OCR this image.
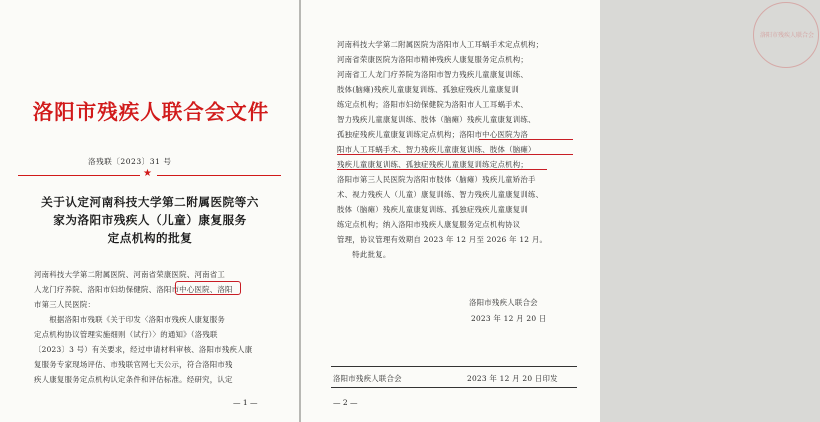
洛阳市残疾人联合会文件
洛残联〔2023〕31 号
★
关于认定河南科技大学第二附属医院等六
家为洛阳市残疾人（儿童）康复服务
定点机构的批复
河南科技大学第二附属医院、河南省荣康医院、河南省工
人龙门疗养院、洛阳市妇幼保健院、洛阳市中心医院、洛阳
市第三人民医院：
　　根据洛阳市残联《关于印发〈洛阳市残疾人康复服务
定点机构协议管理实施细则（试行）〉的通知》（洛残联
〔2023〕3 号）有关要求，经过申请材料审核、洛阳市残疾人康
复服务专家现场评估、市残联官网七天公示，符合洛阳市残
疾人康复服务定点机构认定条件和评估标准。经研究，认定
— 1 —
河南科技大学第二附属医院为洛阳市人工耳蜗手术定点机构；
河南省荣康医院为洛阳市精神残疾人康复服务定点机构；
河南省工人龙门疗养院为洛阳市智力残疾儿童康复训练、
肢体(脑瘫)残疾儿童康复训练、孤独症残疾儿童康复训
练定点机构；洛阳市妇幼保健院为洛阳市人工耳蜗手术、
智力残疾儿童康复训练、肢体（脑瘫）残疾儿童康复训练、
孤独症残疾儿童康复训练定点机构；洛阳市中心医院为洛
阳市人工耳蜗手术、智力残疾儿童康复训练、肢体（脑瘫）
残疾儿童康复训练、孤独症残疾儿童康复训练定点机构；
洛阳市第三人民医院为洛阳市肢体（脑瘫）残疾儿童矫治手
术、视力残疾人（儿童）康复训练、智力残疾儿童康复训练、
肢体（脑瘫）残疾儿童康复训练、孤独症残疾儿童康复训
练定点机构；纳入洛阳市残疾人康复服务定点机构协议
管理，协议管理有效期自 2023 年 12 月至 2026 年 12 月。
　　特此批复。
洛阳市残疾人联合会
洛阳市残疾人联合会
2023 年 12 月 20 日
洛阳市残疾人联合会	2023 年 12 月 20 日印发
— 2 —
